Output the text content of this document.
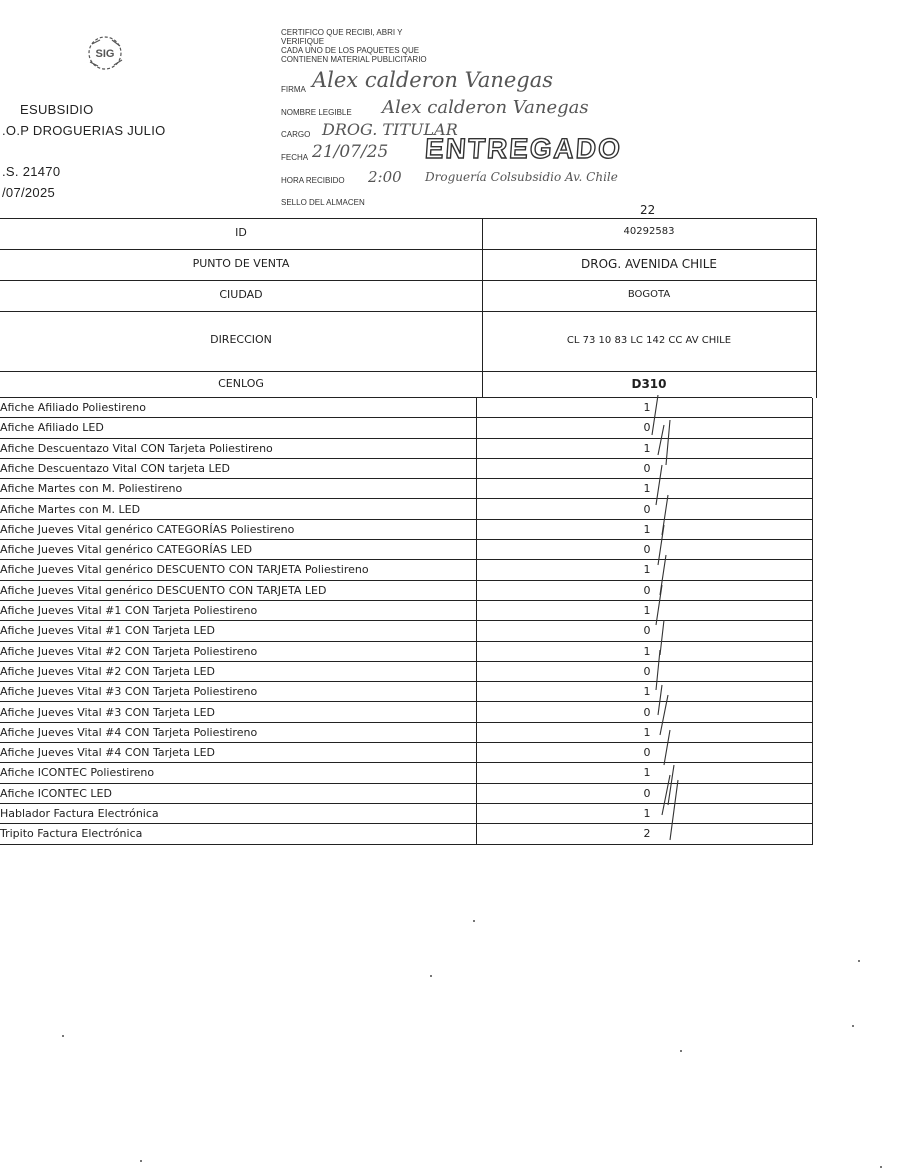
SIG
ESUBSIDIO
.O.P DROGUERIAS JULIO
.S. 21470
/07/2025
CERTIFICO QUE RECIBI, ABRI Y
VERIFIQUE
CADA UNO DE LOS PAQUETES QUE
CONTIENEN MATERIAL PUBLICITARIO
FIRMA Alex calderon Vanegas
NOMBRE LEGIBLE Alex calderon Vanegas
CARGO DROG. TITULAR
FECHA 21/07/25 ENTREGADO
HORA RECIBIDO 2:00 Droguería Colsubsidio Av. Chile
SELLO DEL ALMACEN
22
ID	40292583
PUNTO DE VENTA	DROG. AVENIDA CHILE
CIUDAD	BOGOTA
DIRECCION	CL 73 10 83 LC 142 CC AV CHILE
CENLOG	D310
Afiche Afiliado Poliestireno	1
Afiche Afiliado LED	0
Afiche Descuentazo Vital CON Tarjeta Poliestireno	1
Afiche Descuentazo Vital CON tarjeta LED	0
Afiche Martes con M. Poliestireno	1
Afiche Martes con M. LED	0
Afiche Jueves Vital genérico CATEGORÍAS Poliestireno	1
Afiche Jueves Vital genérico CATEGORÍAS LED	0
Afiche Jueves Vital genérico DESCUENTO CON TARJETA Poliestireno	1
Afiche Jueves Vital genérico DESCUENTO CON TARJETA LED	0
Afiche Jueves Vital #1 CON Tarjeta Poliestireno	1
Afiche Jueves Vital #1 CON Tarjeta LED	0
Afiche Jueves Vital #2 CON Tarjeta Poliestireno	1
Afiche Jueves Vital #2 CON Tarjeta LED	0
Afiche Jueves Vital #3 CON Tarjeta Poliestireno	1
Afiche Jueves Vital #3 CON Tarjeta LED	0
Afiche Jueves Vital #4 CON Tarjeta Poliestireno	1
Afiche Jueves Vital #4 CON Tarjeta LED	0
Afiche ICONTEC Poliestireno	1
Afiche ICONTEC LED	0
Hablador Factura Electrónica	1
Tripito Factura Electrónica	2
